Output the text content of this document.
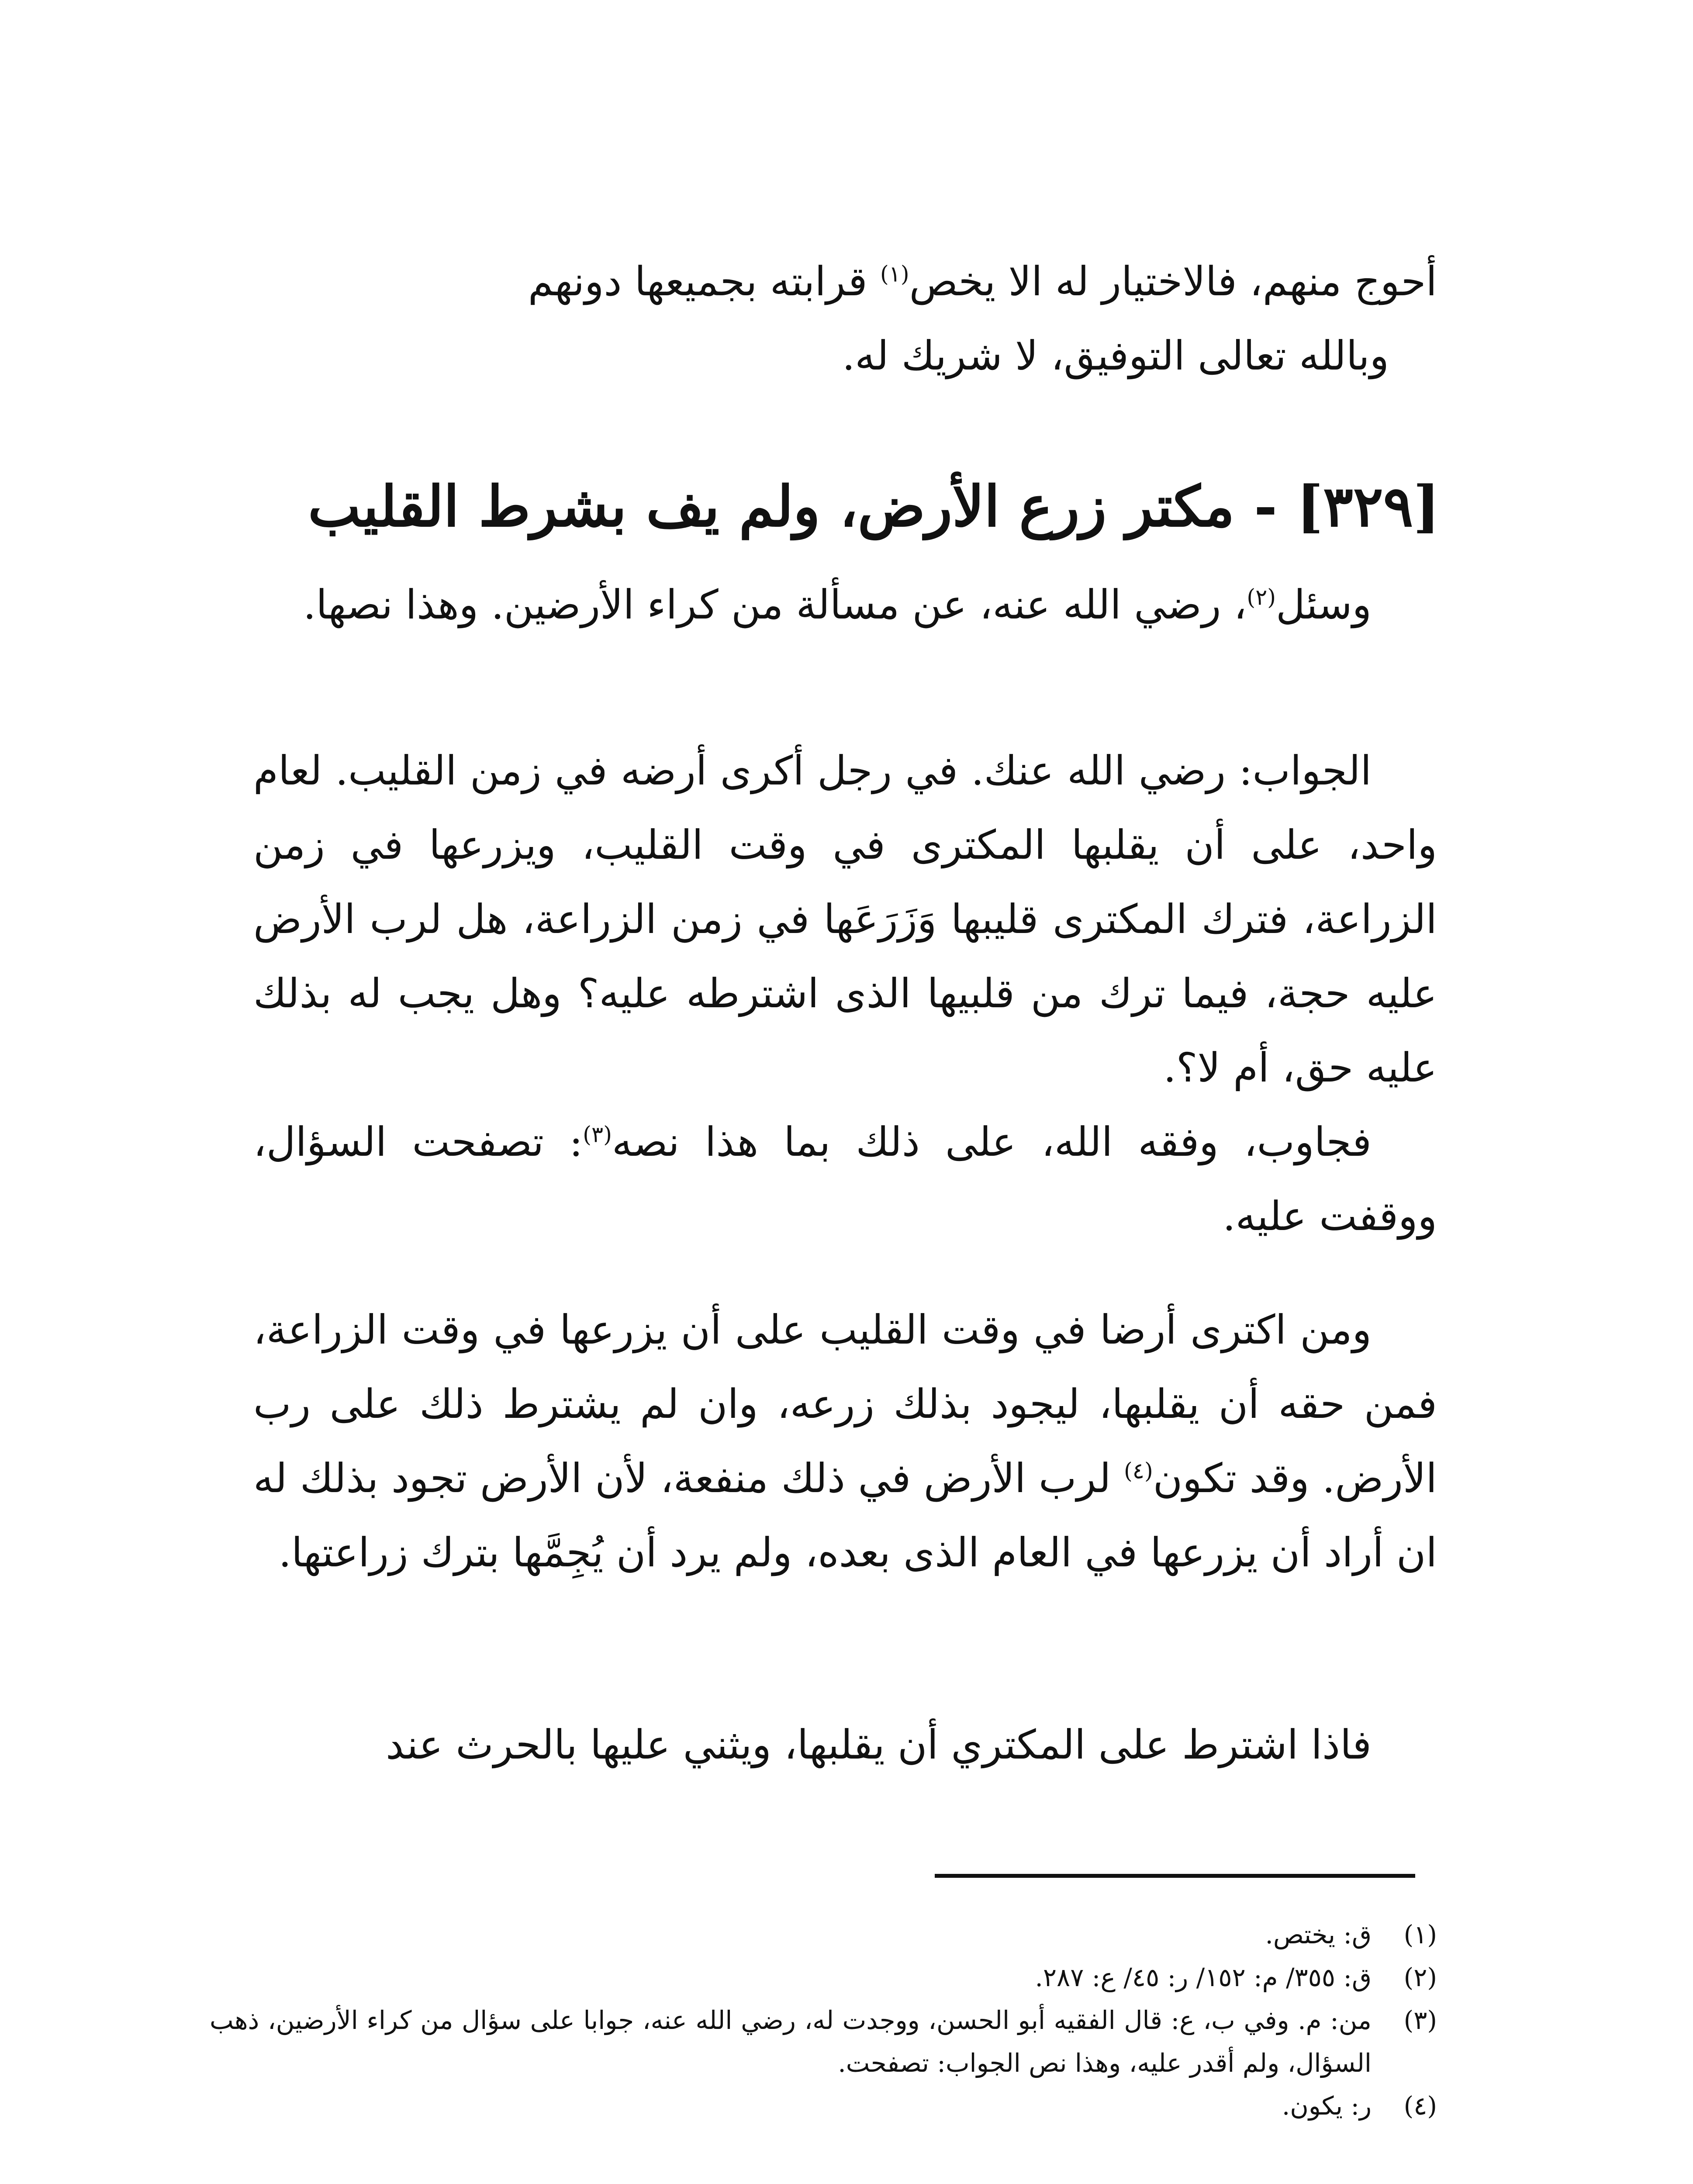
أحوج منهم، فالاختيار له الا يخص$^{(١)}$ قرابته بجميعها دونهم
وبالله تعالى التوفيق، لا شريك له.
[٣٢٩] - مكتر زرع الأرض، ولم يف بشرط القليب
وسئل$^{(٢)}$، رضي الله عنه، عن مسألة من كراء الأرضين. وهذا نصها.
الجواب: رضي الله عنك. في رجل أكرى أرضه في زمن القليب. لعام واحد، على أن يقلبها المكترى في وقت القليب، ويزرعها في زمن الزراعة، فترك المكترى قليبها وَزَرَعَها في زمن الزراعة، هل لرب الأرض عليه حجة، فيما ترك من قلبيها الذى اشترطه عليه؟ وهل يجب له بذلك عليه حق، أم لا؟.
فجاوب، وفقه الله، على ذلك بما هذا نصه$^{(٣)}$: تصفحت السؤال، ووقفت عليه.
ومن اكترى أرضا في وقت القليب على أن يزرعها في وقت الزراعة، فمن حقه أن يقلبها، ليجود بذلك زرعه، وان لم يشترط ذلك على رب الأرض. وقد تكون$^{(٤)}$ لرب الأرض في ذلك منفعة، لأن الأرض تجود بذلك له ان أراد أن يزرعها في العام الذى بعده، ولم يرد أن يُجِمَّها بترك زراعتها.
فاذا اشترط على المكتري أن يقلبها، ويثني عليها بالحرث عند
(١)
ق: يختص.
(٢)
ق: ٣٥٥/ م: ١٥٢/ ر: ٤٥/ ع: ٢٨٧.
(٣)
من: م. وفي ب، ع: قال الفقيه أبو الحسن، ووجدت له، رضي الله عنه، جوابا على سؤال من كراء الأرضين، ذهب السؤال، ولم أقدر عليه، وهذا نص الجواب: تصفحت.
(٤)
ر: يكون.
